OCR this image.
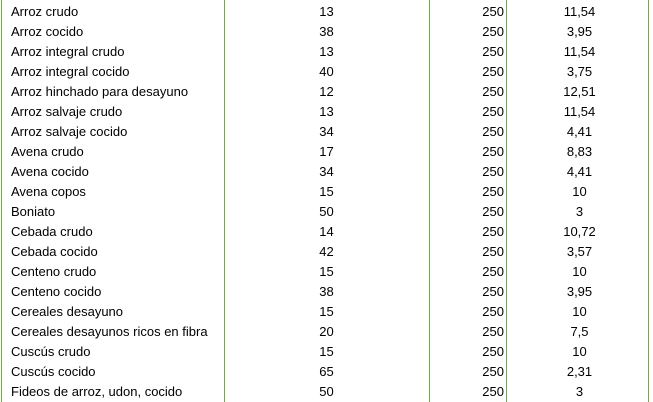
Arroz crudo	13	250	11,54
Arroz cocido	38	250	3,95
Arroz integral crudo	13	250	11,54
Arroz integral cocido	40	250	3,75
Arroz hinchado para desayuno	12	250	12,51
Arroz salvaje crudo	13	250	11,54
Arroz salvaje cocido	34	250	4,41
Avena crudo	17	250	8,83
Avena cocido	34	250	4,41
Avena copos	15	250	10
Boniato	50	250	3
Cebada crudo	14	250	10,72
Cebada cocido	42	250	3,57
Centeno crudo	15	250	10
Centeno cocido	38	250	3,95
Cereales desayuno	15	250	10
Cereales desayunos ricos en fibra	20	250	7,5
Cuscús crudo	15	250	10
Cuscús cocido	65	250	2,31
Fideos de arroz, udon, cocido	50	250	3
